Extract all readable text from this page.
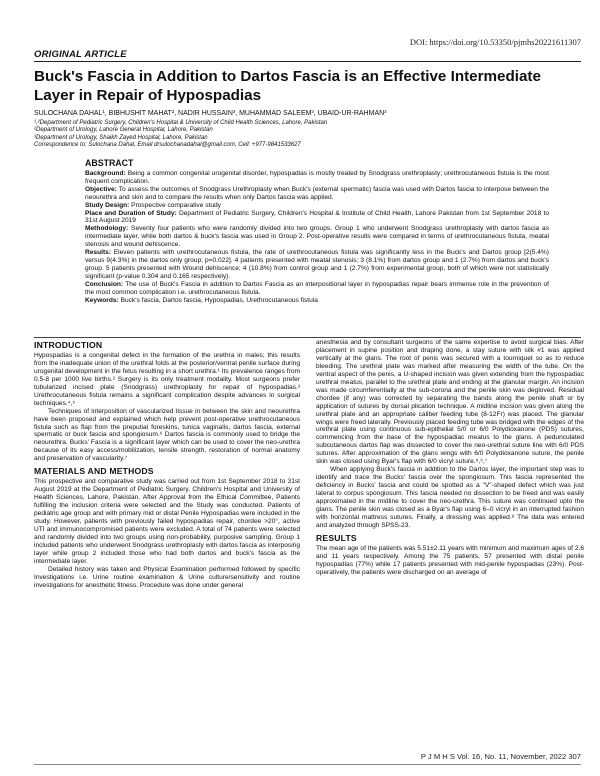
DOI: https://doi.org/10.53350/pjmhs20221611307
ORIGINAL ARTICLE
Buck's Fascia in Addition to Dartos Fascia is an Effective Intermediate Layer in Repair of Hypospadias
SULOCHANA DAHAL¹, BIBHUSHIT MAHAT², NADIR HUSSAIN³, MUHAMMAD SALEEM³, UBAID-UR-RAHMAN³
¹,²Department of Pediatric Surgery, Children's Hospital & University of Child Health Sciences, Lahore, Pakistan
²Department of Urology, Lahore General Hospital, Lahore, Pakistan
³Department of Urology, Shaikh Zayed Hospital, Lahore, Pakistan
Correspondence to: Sulochana Dahal, Email drsulochanadahal@gmail.com, Cell: +977-9841533627
ABSTRACT

Background: Being a common congenital urogenital disorder, hypospadias is mostly treated by Snodgrass urethroplasty; urethrocutaneous fistula is the most frequent complication.

Objective: To assess the outcomes of Snodgrass Urethroplasty when Buck's (external spermatic) fascia was used with Dartos fascia to interpose between the neourethra and skin and to compare the results when only Dartos fascia was applied.

Study Design: Prospective comparative study

Place and Duration of Study: Department of Pediatric Surgery, Children's Hospital & Institute of Child Health, Lahore Pakistan from 1st September 2018 to 31st August 2019

Methodology: Seventy four patients who were randomly divided into two groups. Group 1 who underwent Snodgrass urethroplasty with dartos fascia as intermediate layer, while both dartos & buck's fascia was used in Group 2. Post-operative results were compared in terms of urethrocutaneous fistula, meatal stenosis and wound dehiscence.

Results: Eleven patients with urethrocutaneous fistula, the rate of urethrocutaneous fistula was significantly less in the Buck's and Dartos group [2(5.4%) versus 9(4.3%) in the dartos only group; p=0.022]. 4 patients presented with meatal stenosis; 3 (8.1%) from dartos group and 1 (2.7%) from dartos and buck's group. 5 patients presented with Wound dehiscence; 4 (10.8%) from control group and 1 (2.7%) from experimental group, both of which were not statistically significant (p-value 0.304 and 0.165 respectively).

Conclusion: The use of Buck's Fascia in addition to Dartos Fascia as an interpositional layer in hypospadias repair bears immense role in the prevention of the most common complication i.e. urethrocutaneous fistula.

Keywords: Buck's fascia, Dartos fascia, Hypospadias, Urethrocutaneous fistula

INTRODUCTION

Hypospadias is a congenital defect in the formation of the urethra in males; this results from the inadequate union of the urethral folds at the posterior/ventral penile surface during urogenital development in the fetus resulting in a short urethra.¹ Its prevalence ranges from 0.5-8 per 1000 live births.² Surgery is its only treatment modality. Most surgeons prefer tubularized incised plate (Snodgrass) urethroplasty for repair of hypospadias.³ Urethrocutaneous fistula remains a significant complication despite advances in surgical techniques.⁴,⁵

Techniques of interposition of vascularized tissue in between the skin and neourethra have been proposed and explained which help prevent post-operative urethrocutaneous fistula such as flap from the preputial foreskins, tunica vaginalis, dartos fascia, external spermatic or buck fascia and spongiosum.⁶ Dartos fascia is commonly used to bridge the neourethra. Bucks' Fascia is a significant layer which can be used to cover the neo-urethra because of its easy access/mobilization, tensile strength, restoration of normal anatomy and preservation of vascularity.⁷

MATERIALS AND METHODS

This prospective and comparative study was carried out from 1st September 2018 to 31st August 2019 at the Department of Pediatric Surgery, Children's Hospital and University of Health Sciences, Lahore, Pakistan. After Approval from the Ethical Committee, Patients fulfilling the inclusion criteria were selected and the Study was conducted. Patients of pediatric age group and with primary mid or distal Penile Hypospadias were included in the study. However, patients with previously failed hypospadias repair, chordee >20°, active UTI and immunocompromised patients were excluded. A total of 74 patients were selected and randomly divided into two groups using non-probability, purposive sampling. Group 1 included patients who underwent Snodgrass urethroplasty with dartos fascia as interposing layer while group 2 included those who had both dartos and buck's fascia as the intermediate layer.

Detailed history was taken and Physical Examination performed followed by specific Investigations i.e. Urine routine examination & Urine culture/sensitivity and routine investigations for anesthetic fitness. Procedure was done under general

anesthesia and by consultant surgeons of the same expertise to avoid surgical bias. After placement in supine position and draping done, a stay suture with silk #1 was applied vertically at the glans. The root of penis was secured with a tourniquet so as to reduce bleeding. The urethral plate was marked after measuring the width of the tube. On the ventral aspect of the penis, a U-shaped incision was given extending from the hypospadiac urethral meatus, parallel to the urethral plate and ending at the glanular margin. An incision was made circumferentially at the sub-corona and the penile skin was degloved. Residual chordee (if any) was corrected by separating the bands along the penile shaft or by application of sutures by dorsal plication technique. A midline incision was given along the urethral plate and an appropriate caliber feeding tube (8-12Fr) was placed. The glanular wings were freed laterally. Previously placed feeding tube was bridged with the edges of the urethral plate using continuous sub-epithelial 5/0 or 6/0 Polydioxanone (PDS) sutures, commencing from the base of the hypospadiac meatus to the glans. A pedunculated subcutaneous dartos flap was dissected to cover the neo-urethral suture line with 6/0 PDS sutures. After approximation of the glans wings with 6/0 Polydioxanone suture, the penile skin was closed using Byar's flap with 6/0 vicryl suture.⁸,⁹,⁷

When applying Buck's fascia in addition to the Dartos layer, the important step was to identify and trace the Bucks' fascia over the spongiosum. This fascia represented the deficiency in Bucks' fascia and could be spotted as a "V"-shaped defect which was just lateral to corpus spongiosum. This fascia needed no dissection to be freed and was easily approximated in the midline to cover the neo-urethra. This suture was continued upto the glans. The penile skin was closed as a Byar's flap using 6–0 vicryl in an interrupted fashion with horizontal mattress sutures. Finally, a dressing was applied.⁸ The data was entered and analyzed through SPSS-23.

RESULTS

The mean age of the patients was 5.51±2.11 years with minimum and maximum ages of 2.6 and 11 years respectively. Among the 75 patients, 57 presented with distal penile hypospadias (77%) while 17 patients presented with mid-penile hypospadias (23%). Post-operatively, the patients were discharged on an average of

P J M H S Vol. 16, No. 11, November, 2022 307
